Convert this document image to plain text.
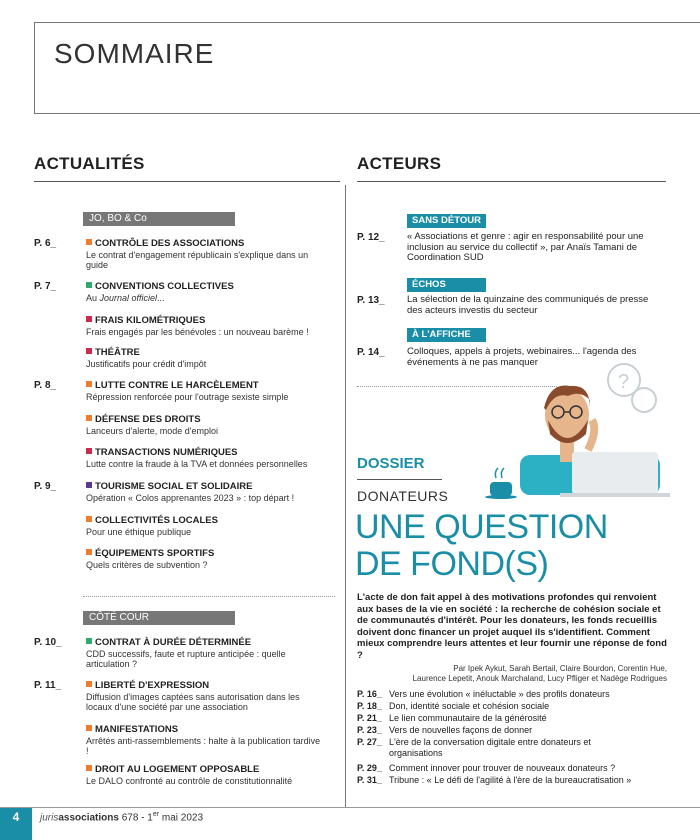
SOMMAIRE
ACTUALITÉS
JO, BO & Co
P. 6_	CONTRÔLE DES ASSOCIATIONS
Le contrat d'engagement républicain s'explique dans un guide
P. 7_	CONVENTIONS COLLECTIVES
Au Journal officiel...
FRAIS KILOMÉTRIQUES
Frais engagés par les bénévoles : un nouveau barème !
THÉÂTRE
Justificatifs pour crédit d'impôt
P. 8_	LUTTE CONTRE LE HARCÈLEMENT
Répression renforcée pour l'outrage sexiste simple
DÉFENSE DES DROITS
Lanceurs d'alerte, mode d'emploi
TRANSACTIONS NUMÉRIQUES
Lutte contre la fraude à la TVA et données personnelles
P. 9_	TOURISME SOCIAL ET SOLIDAIRE
Opération « Colos apprenantes 2023 » : top départ !
COLLECTIVITÉS LOCALES
Pour une éthique publique
ÉQUIPEMENTS SPORTIFS
Quels critères de subvention ?
CÔTÉ COUR
P. 10_	CONTRAT À DURÉE DÉTERMINÉE
CDD successifs, faute et rupture anticipée : quelle articulation ?
P. 11_	LIBERTÉ D'EXPRESSION
Diffusion d'images captées sans autorisation dans les locaux d'une société par une association
MANIFESTATIONS
Arrêtés anti-rassemblements : halte à la publication tardive !
DROIT AU LOGEMENT OPPOSABLE
Le DALO confronté au contrôle de constitutionnalité
ACTEURS
SANS DÉTOUR
P. 12_ « Associations et genre : agir en responsabilité pour une inclusion au service du collectif », par Anaïs Tamani de Coordination SUD
ÉCHOS
P. 13_ La sélection de la quinzaine des communiqués de presse des acteurs investis du secteur
À L'AFFICHE
P. 14_ Colloques, appels à projets, webinaires... l'agenda des événements à ne pas manquer
?
DOSSIER
DONATEURS
UNE QUESTION
DE FOND(S)
L'acte de don fait appel à des motivations profondes qui renvoient aux bases de la vie en société : la recherche de cohésion sociale et de communautés d'intérêt. Pour les donateurs, les fonds recueillis doivent donc financer un projet auquel ils s'identifient. Comment mieux comprendre leurs attentes et leur fournir une réponse de fond ?
Par Ipek Aykut, Sarah Bertail, Claire Bourdon, Corentin Hue,
Laurence Lepetit, Anouk Marchaland, Lucy Pfliger et Nadège Rodrigues
P. 16_ Vers une évolution « inéluctable » des profils donateurs
P. 18_ Don, identité sociale et cohésion sociale
P. 21_ Le lien communautaire de la générosité
P. 23_ Vers de nouvelles façons de donner
P. 27_ L'ère de la conversation digitale entre donateurs et organisations
P. 29_ Comment innover pour trouver de nouveaux donateurs ?
P. 31_ Tribune : « Le défi de l'agilité à l'ère de la bureaucratisation »
4	jurisassociations 678 - 1er mai 2023
